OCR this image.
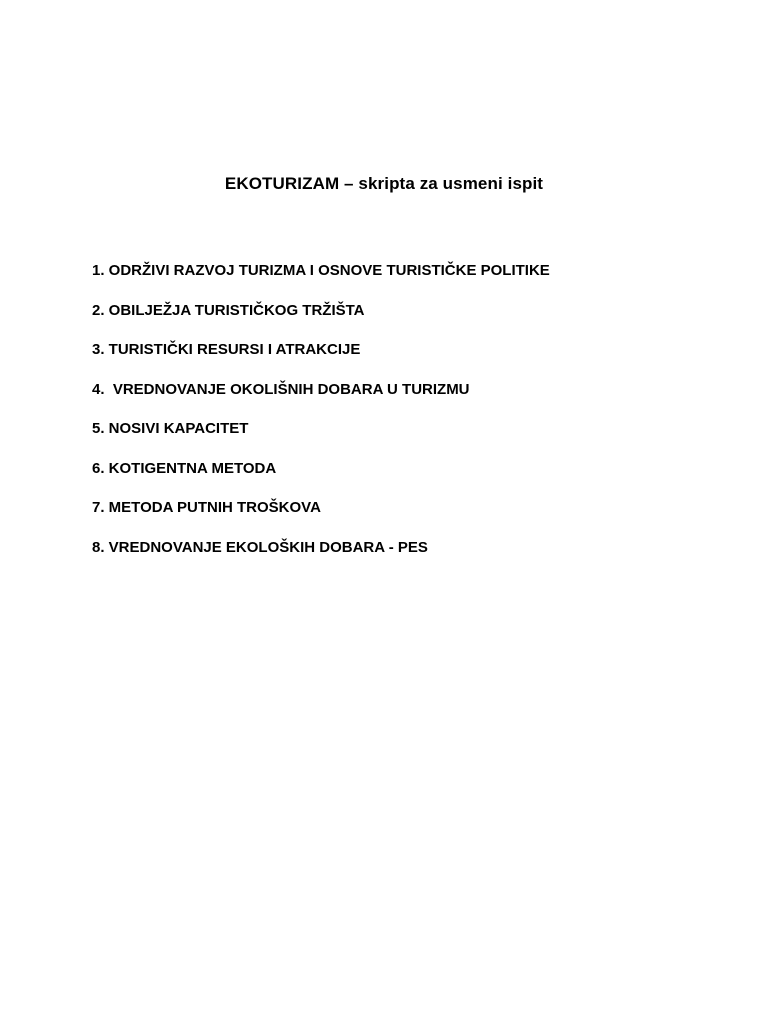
EKOTURIZAM – skripta za usmeni ispit
1. ODRŽIVI RAZVOJ TURIZMA I OSNOVE TURISTIČKE POLITIKE
2. OBILJEŽJA TURISTIČKOG TRŽIŠTA
3. TURISTIČKI RESURSI I ATRAKCIJE
4.  VREDNOVANJE OKOLIŠNIH DOBARA U TURIZMU
5. NOSIVI KAPACITET
6. KOTIGENTNA METODA
7. METODA PUTNIH TROŠKOVA
8. VREDNOVANJE EKOLOŠKIH DOBARA - PES
